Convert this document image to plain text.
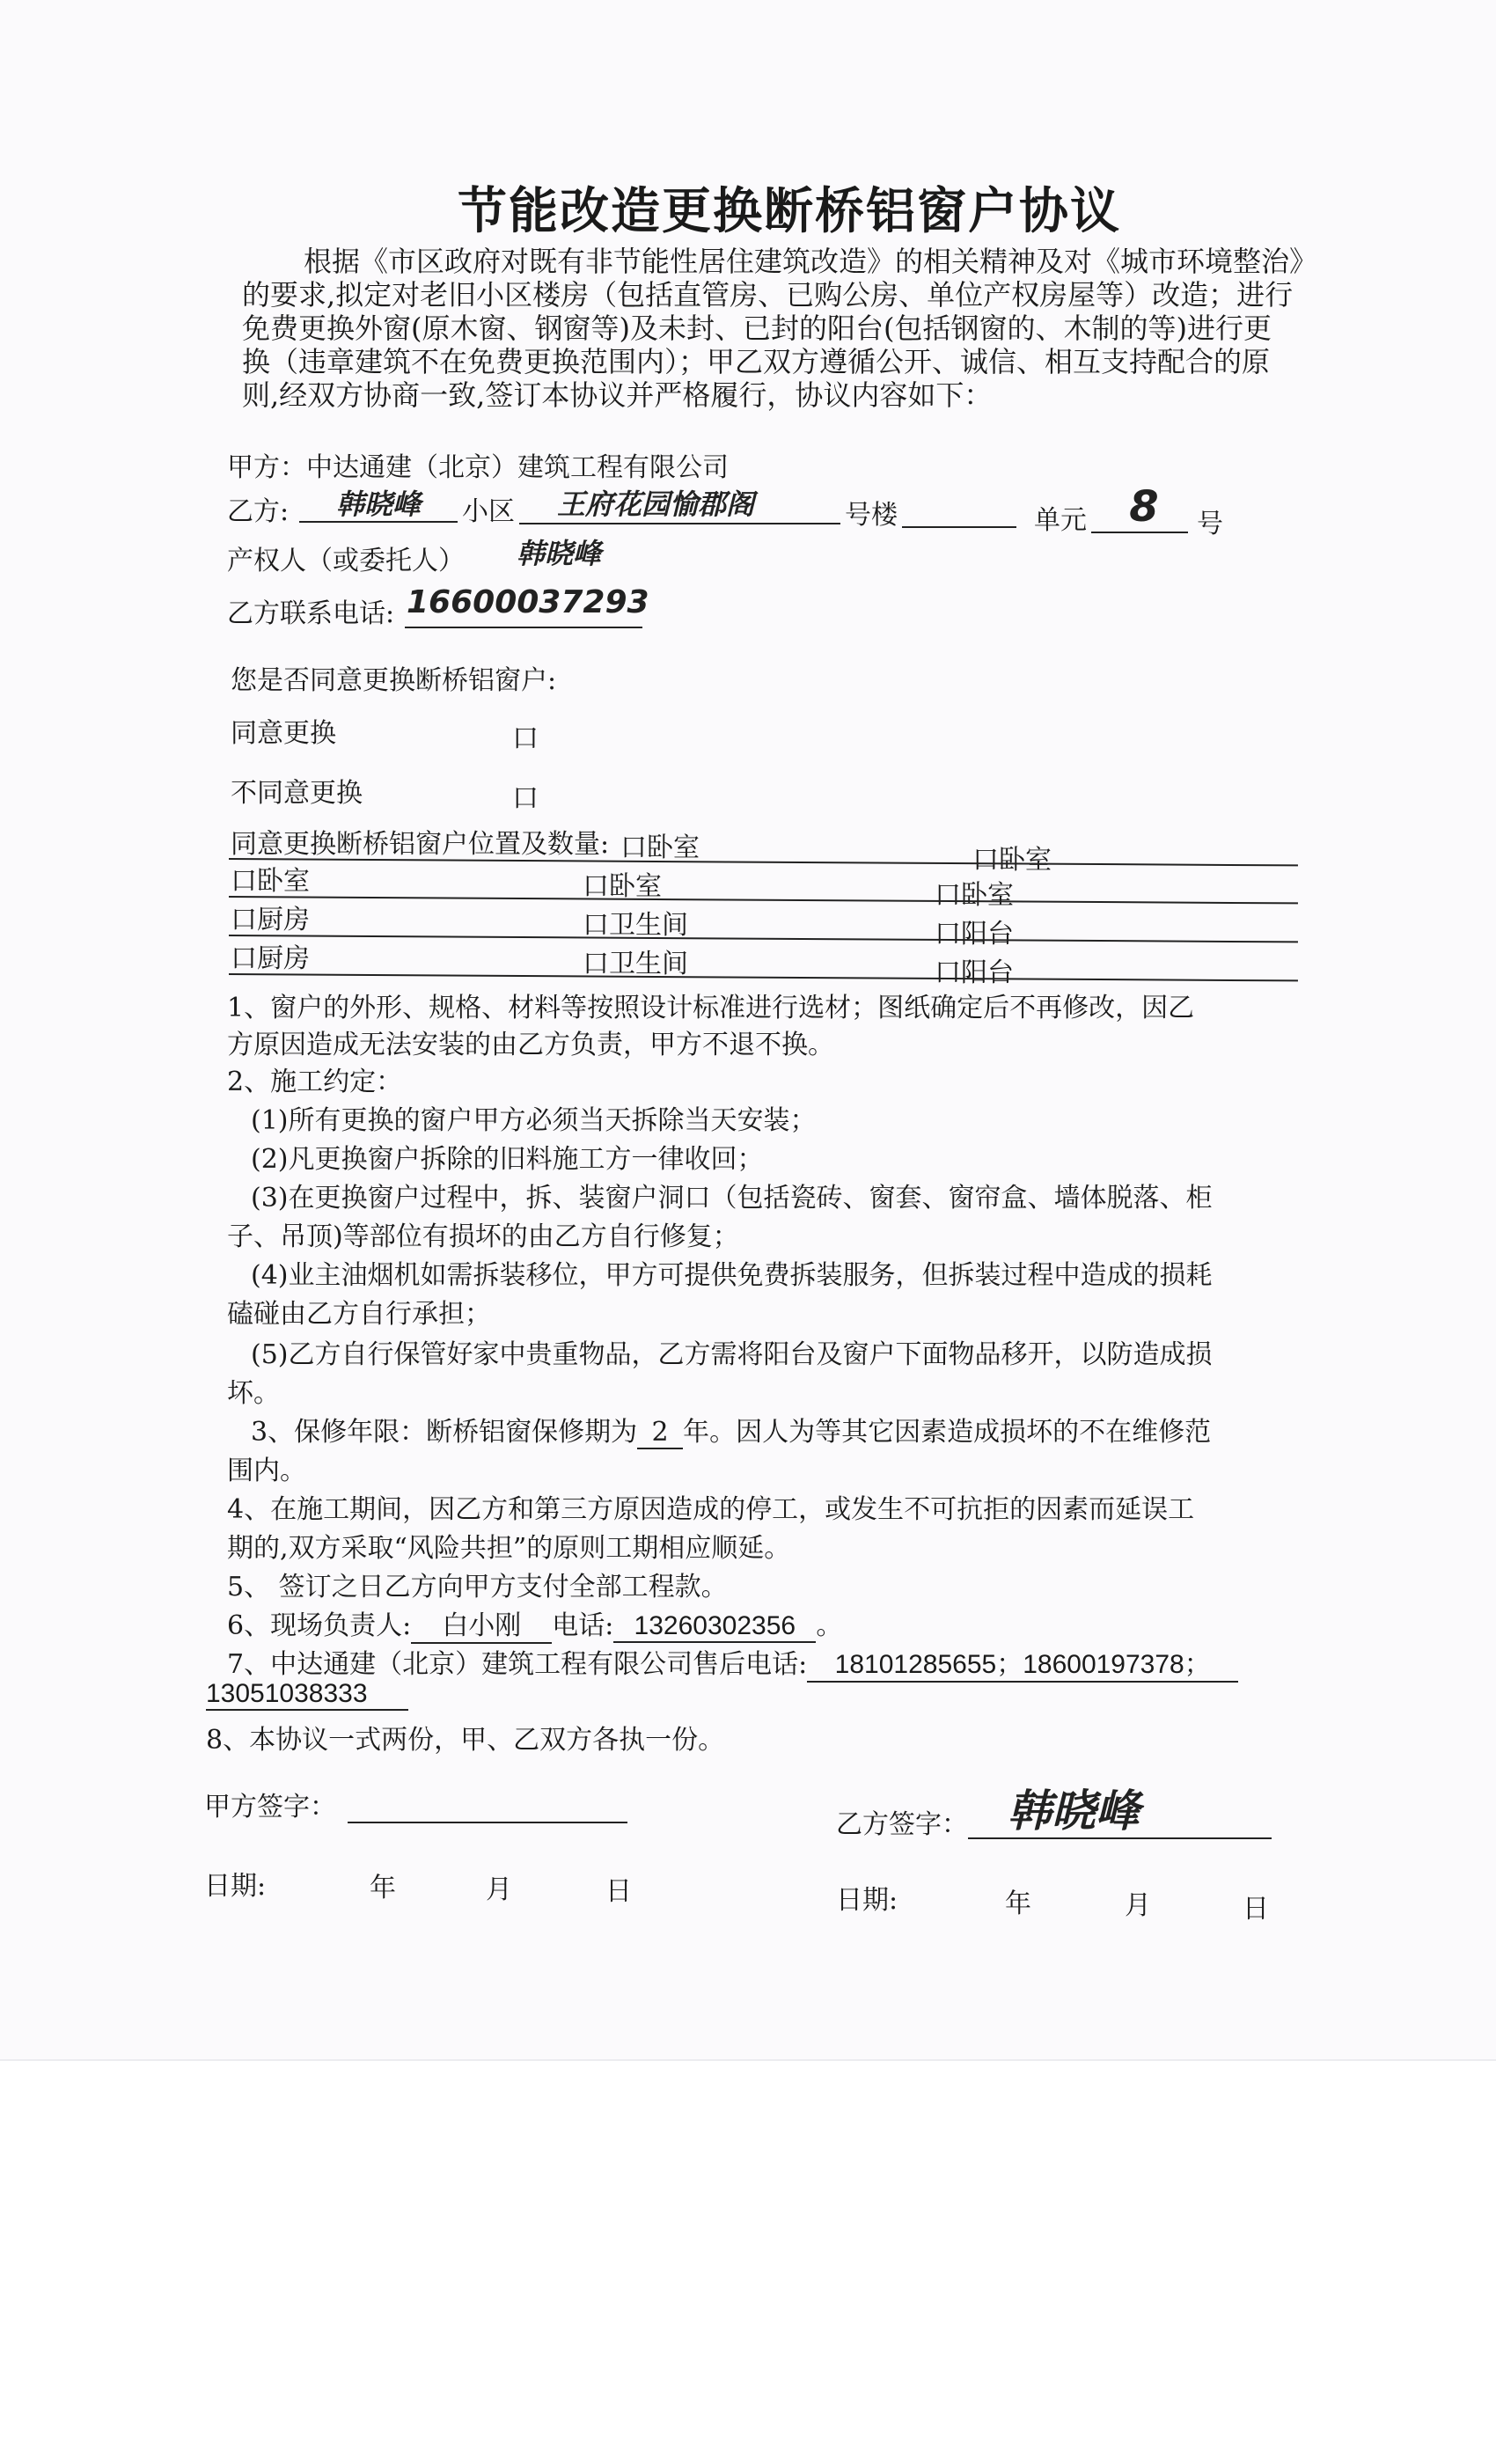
节能改造更换断桥铝窗户协议
根据《市区政府对既有非节能性居住建筑改造》的相关精神及对《城市环境整治》
的要求,拟定对老旧小区楼房（包括直管房、已购公房、单位产权房屋等）改造；进行
免费更换外窗(原木窗、钢窗等)及未封、已封的阳台(包括钢窗的、木制的等)进行更
换（违章建筑不在免费更换范围内）；甲乙双方遵循公开、诚信、相互支持配合的原
则,经双方协商一致,签订本协议并严格履行，协议内容如下：
甲方：中达通建（北京）建筑工程有限公司
乙方:	韩晓峰	小区	王府花园愉郡阁	号楼	单元	8	号
产权人（或委托人）	韩晓峰
乙方联系电话: 16600037293
您是否同意更换断桥铝窗户:
同意更换	口
不同意更换	口
同意更换断桥铝窗户位置及数量: 口卧室	口卧室
口卧室	口卧室	口卧室
口厨房	口卫生间	口阳台
口厨房	口卫生间	口阳台
1、窗户的外形、规格、材料等按照设计标准进行选材；图纸确定后不再修改，因乙
方原因造成无法安装的由乙方负责，甲方不退不换。
2、施工约定：
(1)所有更换的窗户甲方必须当天拆除当天安装；
(2)凡更换窗户拆除的旧料施工方一律收回；
(3)在更换窗户过程中，拆、装窗户洞口（包括瓷砖、窗套、窗帘盒、墙体脱落、柜
子、吊顶)等部位有损坏的由乙方自行修复；
(4)业主油烟机如需拆装移位，甲方可提供免费拆装服务，但拆装过程中造成的损耗
磕碰由乙方自行承担；
(5)乙方自行保管好家中贵重物品，乙方需将阳台及窗户下面物品移开，以防造成损
坏。
3、保修年限：断桥铝窗保修期为 2 年。因人为等其它因素造成损坏的不在维修范
围内。
4、在施工期间，因乙方和第三方原因造成的停工，或发生不可抗拒的因素而延误工
期的,双方采取“风险共担”的原则工期相应顺延。
5、 签订之日乙方向甲方支付全部工程款。
6、现场负责人: 白小刚 电话: 13260302356 。
7、中达通建（北京）建筑工程有限公司售后电话: 18101285655；18600197378；
13051038333
8、本协议一式两份，甲、乙双方各执一份。
甲方签字：
乙方签字： 韩晓峰
日期:	年	月	日	日期:	年	月	日
